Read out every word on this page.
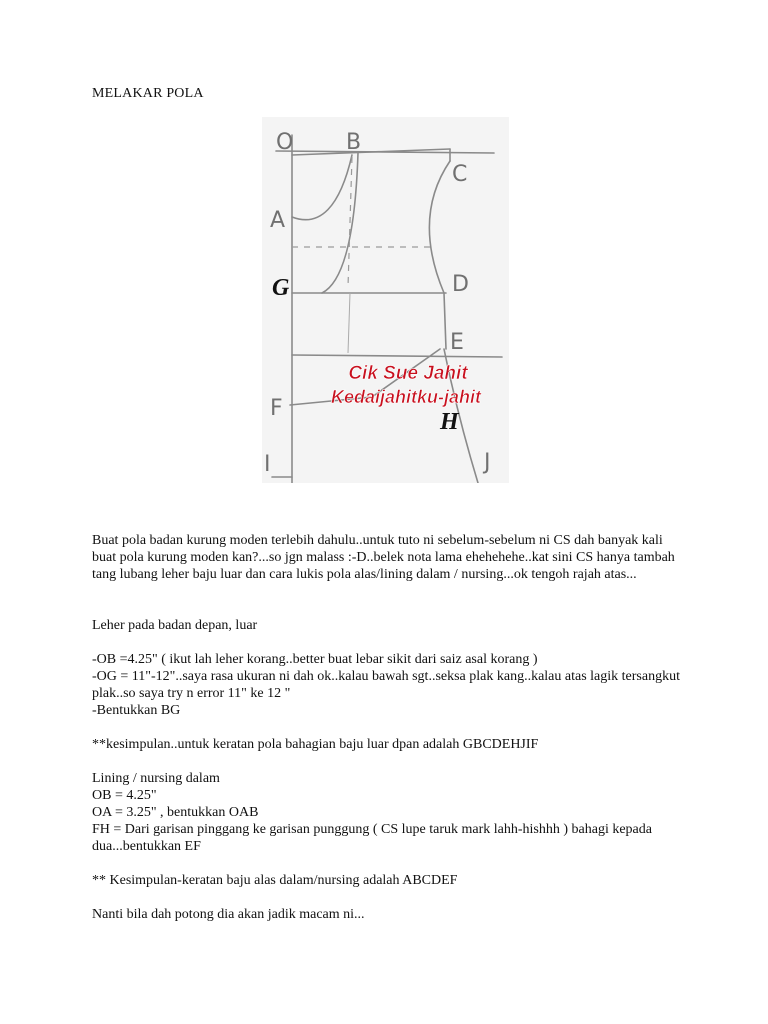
MELAKAR POLA
O B
C
A
D
E
F
I	J
G
H
Cik Sue Jahit
Kedaijahitku-jahit

Buat pola badan kurung moden terlebih dahulu..untuk tuto ni sebelum-sebelum ni CS dah banyak kali buat pola kurung moden kan?...so jgn malass :-D..belek nota lama ehehehehe..kat sini CS hanya tambah tang lubang leher baju luar dan cara lukis pola alas/lining dalam / nursing...ok tengoh rajah atas...

Leher pada badan depan, luar

-OB =4.25" ( ikut lah leher korang..better buat lebar sikit dari saiz asal korang )

-OG = 11"-12"..saya rasa ukuran ni dah ok..kalau bawah sgt..seksa plak kang..kalau atas lagik tersangkut plak..so saya try n error 11" ke 12 "

-Bentukkan BG

**kesimpulan..untuk keratan pola bahagian baju luar dpan adalah GBCDEHJIF

Lining / nursing dalam

OB = 4.25"

OA = 3.25" , bentukkan OAB

FH = Dari garisan pinggang ke garisan punggung ( CS lupe taruk mark lahh-hishhh ) bahagi kepada dua...bentukkan EF

** Kesimpulan-keratan baju alas dalam/nursing adalah ABCDEF

Nanti bila dah potong dia akan jadik macam ni...
